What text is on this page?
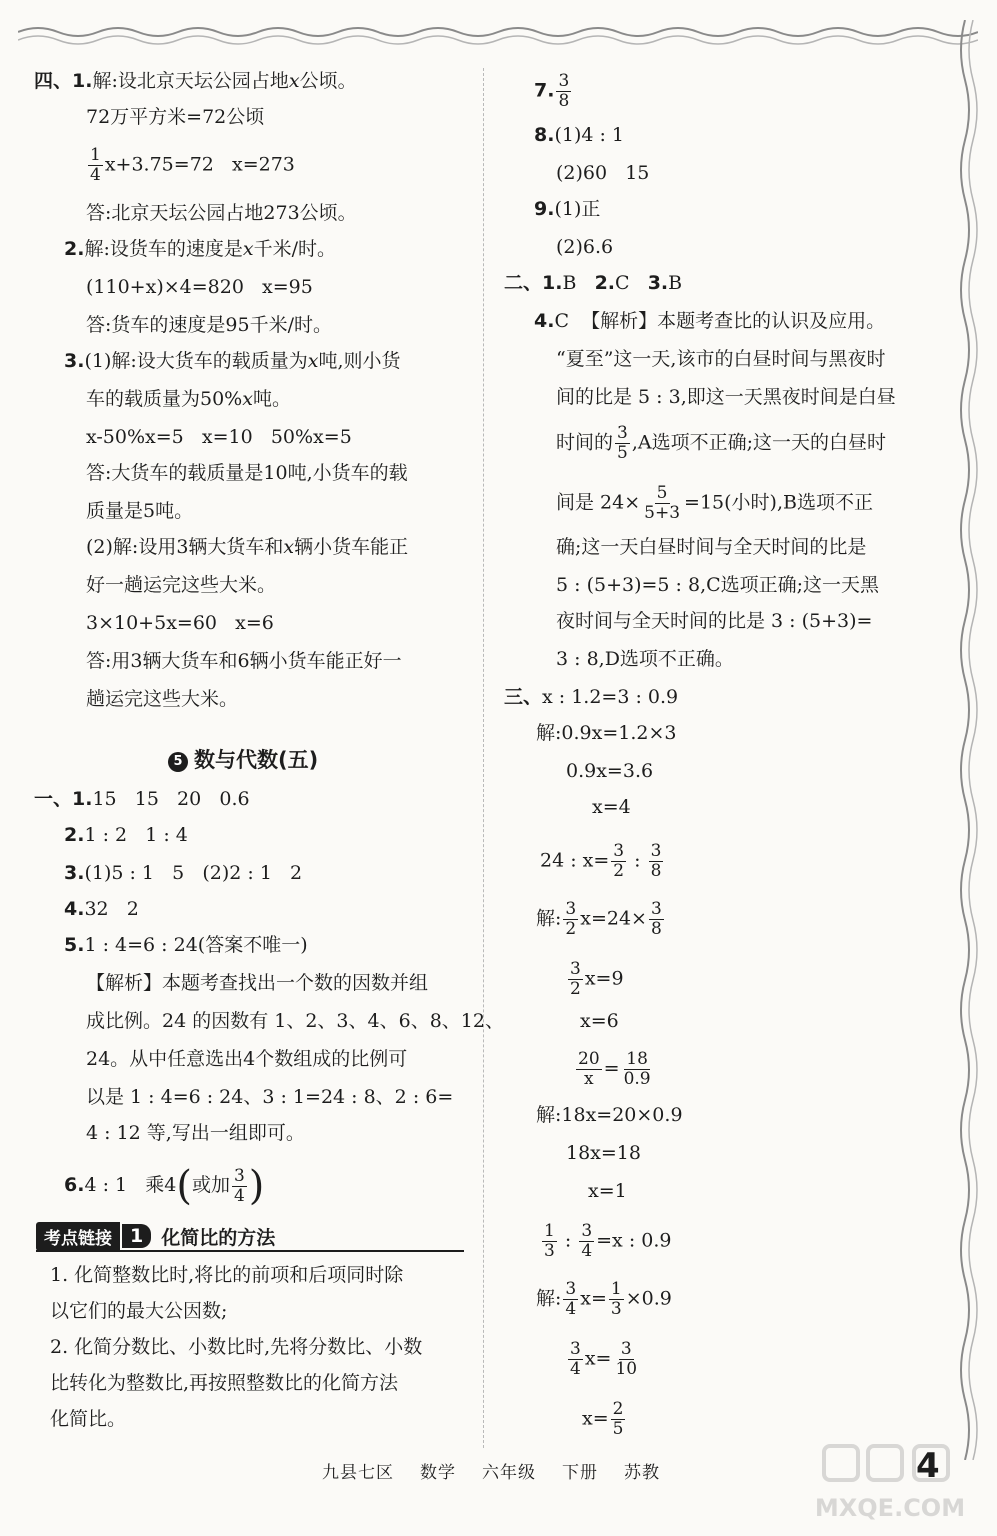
四、1.解:设北京天坛公园占地x公顷。
72万平方米=72公顷
$\frac{1}{4} x+3.75=72$ x=273
答:北京天坛公园占地273公顷。
2.解:设货车的速度是x千米/时。
(110+x)×4=820 x=95
答:货车的速度是95千米/时。
3.(1)解:设大货车的载质量为x吨,则小货
车的载质量为50%x吨。
x-50%x=5 x=10 50%x=5
答:大货车的载质量是10吨,小货车的载
质量是5吨。
(2)解:设用3辆大货车和x辆小货车能正
好一趟运完这些大米。
3×10+5x=60 x=6
答:用3辆大货车和6辆小货车能正好一
趟运完这些大米。
5 数与代数(五)
一、1.15   15   20   0.6
2.1 : 2   1 : 4
3.(1)5 : 1   5   (2)2 : 1   2
4.32   2
5.1 : 4=6 : 24(答案不唯一)
【解析】本题考查找出一个数的因数并组
成比例。24 的因数有 1、2、3、4、6、8、12、
24。从中任意选出4个数组成的比例可
以是 1 : 4=6 : 24、3 : 1=24 : 8、2 : 6=
4 : 12 等,写出一组即可。
6.4 : 1   乘4(或加 $\frac{3}{4}$ )
考点链接 1 化简比的方法
1. 化简整数比时,将比的前项和后项同时除
以它们的最大公因数;
2. 化简分数比、小数比时,先将分数比、小数
比转化为整数比,再按照整数比的化简方法
化简比。
7. $\frac{3}{8}$
8.(1)4 : 1
(2)60   15
9.(1)正
(2)6.6
二、1.B 2.C 3.B
4.C 【解析】本题考查比的认识及应用。
“夏至”这一天,该市的白昼时间与黑夜时
间的比是 5 : 3,即这一天黑夜时间是白昼
时间的 $\frac{3}{5} ,A$选项不正确;这一天的白昼时
间是 $24\times \frac{5}{5+3} =15$(小时),B选项不正
确;这一天白昼时间与全天时间的比是
5 : (5+3)=5 : 8,C选项正确;这一天黑
夜时间与全天时间的比是 3 : (5+3)=
3 : 8,D选项不正确。
三、x : 1.2=3 : 0.9
解:0.9x=1.2×3
0.9x=3.6
x=4
24 : $x= \frac{3}{2}$ : $\frac{3}{8}$
解: $\frac{3}{2} x=24\times \frac{3}{8}$
$\frac{3}{2} x=9$
x=6
$\frac{20}{x} = \frac{18}{0.9}$
解:18x=20×0.9
18x=18
x=1
$\frac{1}{3}$ : $\frac{3}{4} =x$ : 0.9
解: $\frac{3}{4} x= \frac{1}{3} \times 0.9$
$\frac{3}{4} x= \frac{3}{10}$
$x= \frac{2}{5}$
九县七区 数学 六年级 下册 苏教	4
MXQE.COM
